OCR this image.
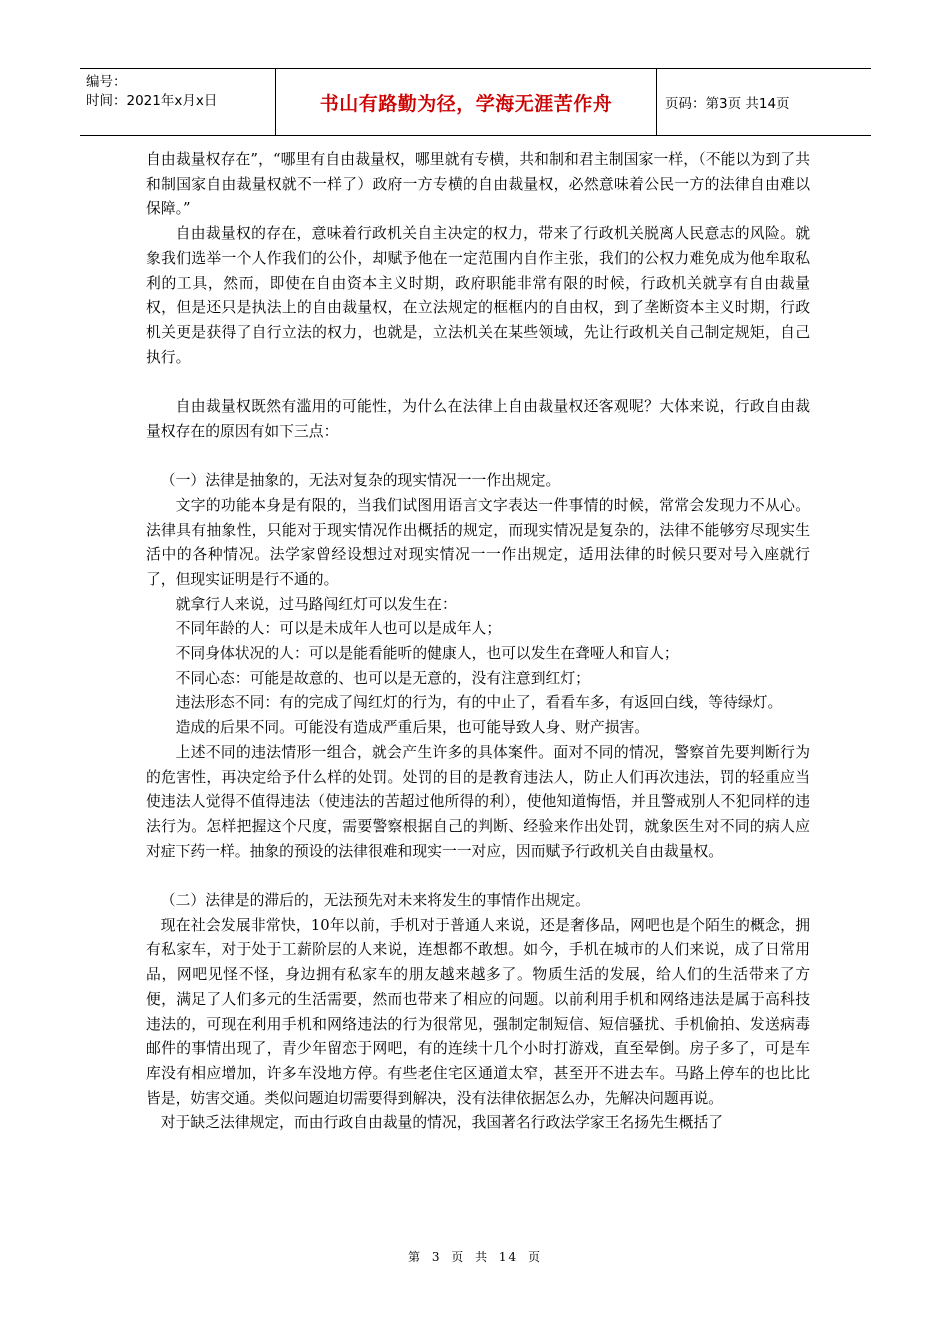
编号：
时间：2021年x月x日	书山有路勤为径，学海无涯苦作舟	页码：第3页 共14页

自由裁量权存在”，“哪里有自由裁量权，哪里就有专横，共和制和君主制国家一样，（不能以为到了共和制国家自由裁量权就不一样了）政府一方专横的自由裁量权，必然意味着公民一方的法律自由难以保障。”

自由裁量权的存在，意味着行政机关自主决定的权力，带来了行政机关脱离人民意志的风险。就象我们选举一个人作我们的公仆，却赋予他在一定范围内自作主张，我们的公权力难免成为他牟取私利的工具，然而，即使在自由资本主义时期，政府职能非常有限的时候，行政机关就享有自由裁量权，但是还只是执法上的自由裁量权，在立法规定的框框内的自由权，到了垄断资本主义时期，行政机关更是获得了自行立法的权力，也就是，立法机关在某些领域，先让行政机关自己制定规矩，自己执行。

自由裁量权既然有滥用的可能性，为什么在法律上自由裁量权还客观呢？大体来说，行政自由裁量权存在的原因有如下三点：

（一）法律是抽象的，无法对复杂的现实情况一一作出规定。

文字的功能本身是有限的，当我们试图用语言文字表达一件事情的时候，常常会发现力不从心。法律具有抽象性，只能对于现实情况作出概括的规定，而现实情况是复杂的，法律不能够穷尽现实生活中的各种情况。法学家曾经设想过对现实情况一一作出规定，适用法律的时候只要对号入座就行了，但现实证明是行不通的。

就拿行人来说，过马路闯红灯可以发生在：

不同年龄的人：可以是未成年人也可以是成年人；

不同身体状况的人：可以是能看能听的健康人，也可以发生在聋哑人和盲人；

不同心态：可能是故意的、也可以是无意的，没有注意到红灯；

违法形态不同：有的完成了闯红灯的行为，有的中止了，看看车多，有返回白线，等待绿灯。

造成的后果不同。可能没有造成严重后果，也可能导致人身、财产损害。

上述不同的违法情形一组合，就会产生许多的具体案件。面对不同的情况，警察首先要判断行为的危害性，再决定给予什么样的处罚。处罚的目的是教育违法人，防止人们再次违法，罚的轻重应当使违法人觉得不值得违法（使违法的苦超过他所得的利），使他知道悔悟，并且警戒别人不犯同样的违法行为。怎样把握这个尺度，需要警察根据自己的判断、经验来作出处罚，就象医生对不同的病人应对症下药一样。抽象的预设的法律很难和现实一一对应，因而赋予行政机关自由裁量权。

（二）法律是的滞后的，无法预先对未来将发生的事情作出规定。

现在社会发展非常快，10年以前，手机对于普通人来说，还是奢侈品，网吧也是个陌生的概念，拥有私家车，对于处于工薪阶层的人来说，连想都不敢想。如今，手机在城市的人们来说，成了日常用品，网吧见怪不怪，身边拥有私家车的朋友越来越多了。物质生活的发展，给人们的生活带来了方便，满足了人们多元的生活需要，然而也带来了相应的问题。以前利用手机和网络违法是属于高科技违法的，可现在利用手机和网络违法的行为很常见，强制定制短信、短信骚扰、手机偷拍、发送病毒邮件的事情出现了，青少年留恋于网吧，有的连续十几个小时打游戏，直至晕倒。房子多了，可是车库没有相应增加，许多车没地方停。有些老住宅区通道太窄，甚至开不进去车。马路上停车的也比比皆是，妨害交通。类似问题迫切需要得到解决，没有法律依据怎么办，先解决问题再说。

对于缺乏法律规定，而由行政自由裁量的情况，我国著名行政法学家王名扬先生概括了

第 3 页 共 14 页
